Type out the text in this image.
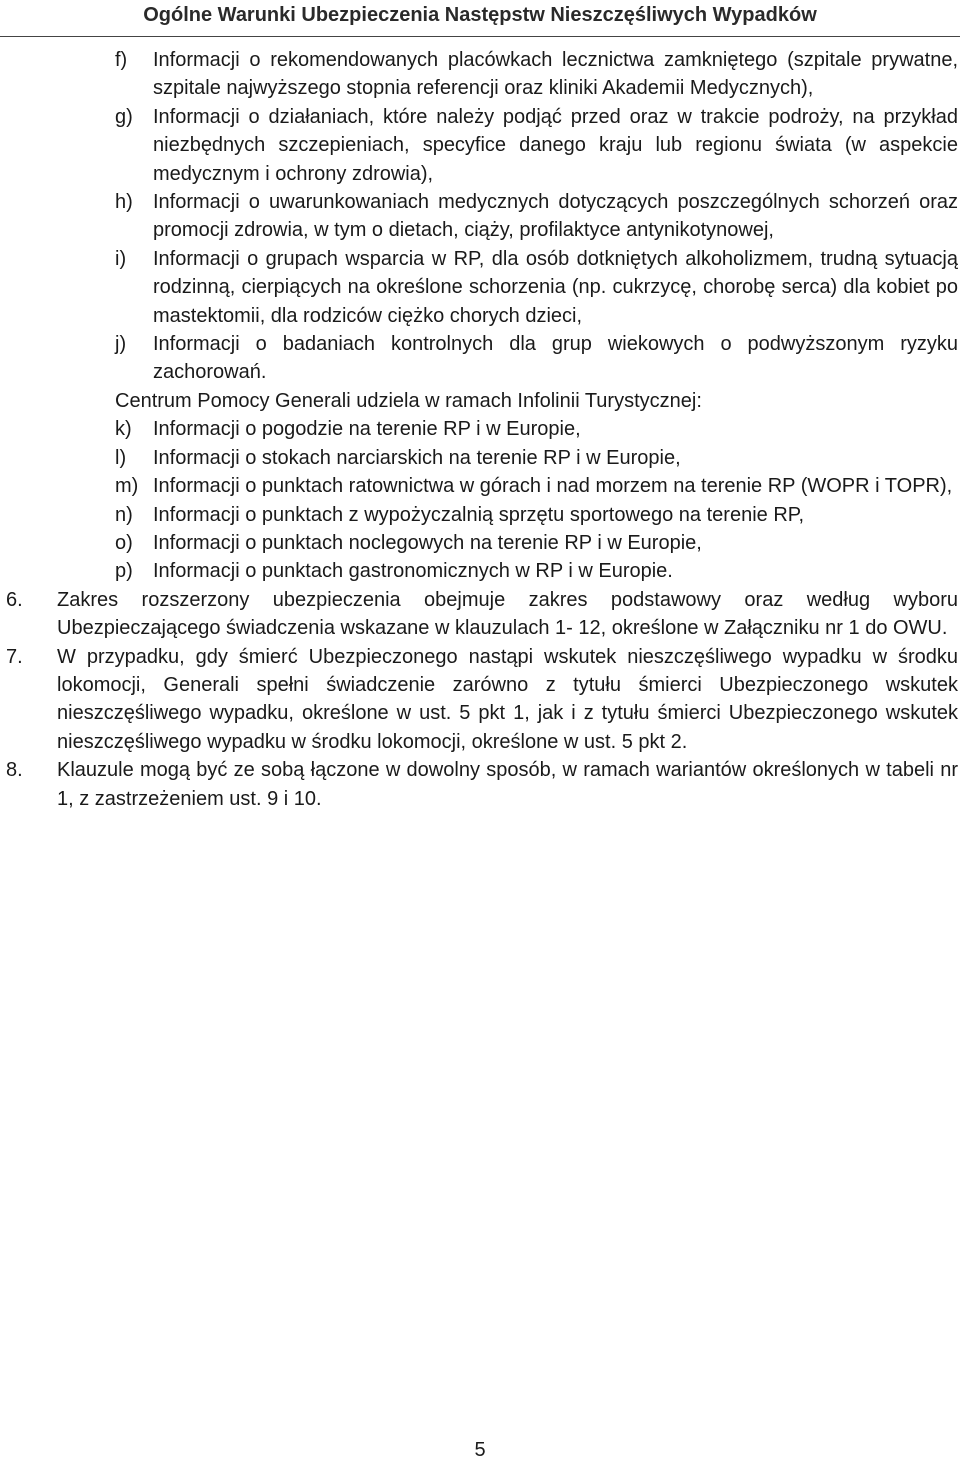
Ogólne Warunki Ubezpieczenia Następstw Nieszczęśliwych Wypadków
f) Informacji o rekomendowanych placówkach lecznictwa zamkniętego (szpitale prywatne, szpitale najwyższego stopnia referencji oraz kliniki Akademii Medycznych),
g) Informacji o działaniach, które należy podjąć przed oraz w trakcie podroży, na przykład niezbędnych szczepieniach, specyfice danego kraju lub regionu świata (w aspekcie medycznym i ochrony zdrowia),
h) Informacji o uwarunkowaniach medycznych dotyczących poszczególnych schorzeń oraz promocji zdrowia, w tym o dietach, ciąży, profilaktyce antynikotynowej,
i) Informacji o grupach wsparcia w RP, dla osób dotkniętych alkoholizmem, trudną sytuacją rodzinną, cierpiących na określone schorzenia (np. cukrzycę, chorobę serca) dla kobiet po mastektomii, dla rodziców ciężko chorych dzieci,
j) Informacji o badaniach kontrolnych dla grup wiekowych o podwyższonym ryzyku zachorowań.
Centrum Pomocy Generali udziela w ramach Infolinii Turystycznej:
k) Informacji o pogodzie na terenie RP i w Europie,
l) Informacji o stokach narciarskich na terenie RP i w Europie,
m) Informacji o punktach ratownictwa w górach i nad morzem na terenie RP (WOPR i TOPR),
n) Informacji o punktach z wypożyczalnią sprzętu sportowego na terenie RP,
o) Informacji o punktach noclegowych na terenie RP i w Europie,
p) Informacji o punktach gastronomicznych w RP i w Europie.
6. Zakres rozszerzony ubezpieczenia obejmuje zakres podstawowy oraz według wyboru Ubezpieczającego świadczenia wskazane w klauzulach 1- 12, określone w Załączniku nr 1 do OWU.
7. W przypadku, gdy śmierć Ubezpieczonego nastąpi wskutek nieszczęśliwego wypadku w środku lokomocji, Generali spełni świadczenie zarówno z tytułu śmierci Ubezpieczonego wskutek nieszczęśliwego wypadku, określone w ust. 5 pkt 1, jak i z tytułu śmierci Ubezpieczonego wskutek nieszczęśliwego wypadku w środku lokomocji, określone w ust. 5 pkt 2.
8. Klauzule mogą być ze sobą łączone w dowolny sposób, w ramach wariantów określonych w tabeli nr 1, z zastrzeżeniem ust. 9 i 10.
5
